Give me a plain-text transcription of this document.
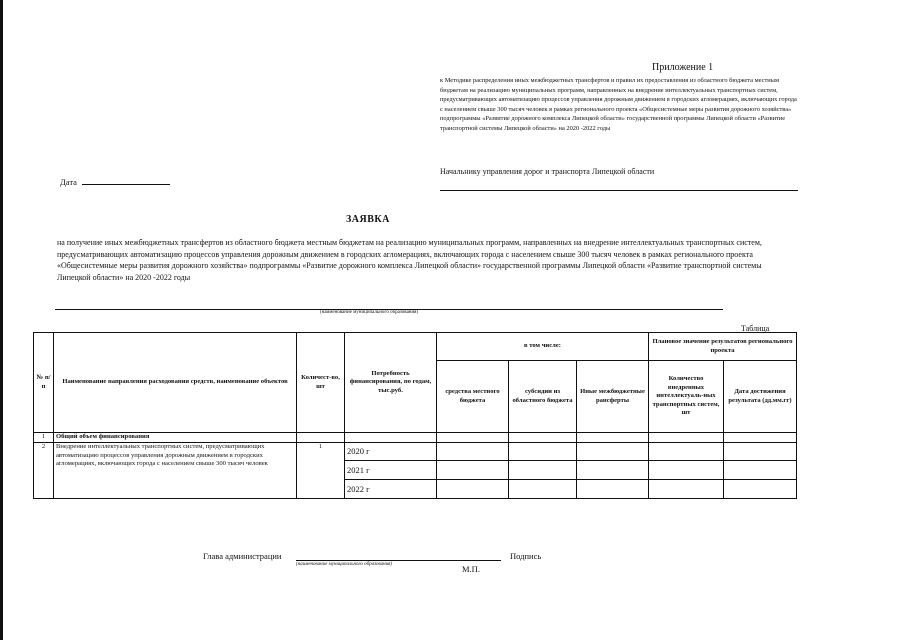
Приложение 1
к Методике распределения иных межбюджетных трансфертов и правил их предоставления из областного бюджета местным бюджетам на реализацию муниципальных программ, направленных на внедрение интеллектуальных транспортных систем, предусматривающих автоматизацию процессов управления дорожным движением в городских агломерациях, включающих города с населением свыше 300 тысяч человек в рамках регионального проекта «Общесистемные меры развития дорожного хозяйства» подпрограммы «Развитие дорожного комплекса Липецкой области» государственной программы Липецкой области «Развитие транспортной системы Липецкой области» на 2020 -2022 годы
Начальнику управления дорог и транспорта Липецкой области
Дата
ЗАЯВКА
на получение иных межбюджетных трансфертов из областного бюджета местным бюджетам на реализацию муниципальных программ, направленных на внедрение интеллектуальных транспортных систем, предусматривающих автоматизацию процессов управления дорожным движением в городских агломерациях, включающих города с населением свыше 300 тысяч человек в рамках регионального проекта «Общесистемные меры развития дорожного хозяйства» подпрограммы «Развитие дорожного комплекса Липецкой области» государственной программы Липецкой области «Развитие транспортной системы Липецкой области» на 2020 -2022 годы
(наименование муниципального образования)
Таблица
№ п/п	Наименование направления расходования средств, наименование объектов	Количест-во, шт	Потребность финансирования, по годам, тыс.руб.	в том числе:			Плановое значение результатов регионального проекта	
				средства местного бюджета	субсидии из областного бюджета	Иные межбюджетные рансферты	Количество внедренных интеллектуаль-ных транспортных систем, шт	Дата достижения результата (дд.мм.гг)
1	Общий объем финансирования							
2	Внедрение интеллектуальных транспортных систем, предусматривающих автоматизацию процессов управления дорожным движением в городских агломерациях, включающих города с населением свыше 300 тысяч человек	1	2020 г					
			2021 г					
			2022 г					
Глава администрации
(наименование муниципального образования)
Подпись
М.П.
